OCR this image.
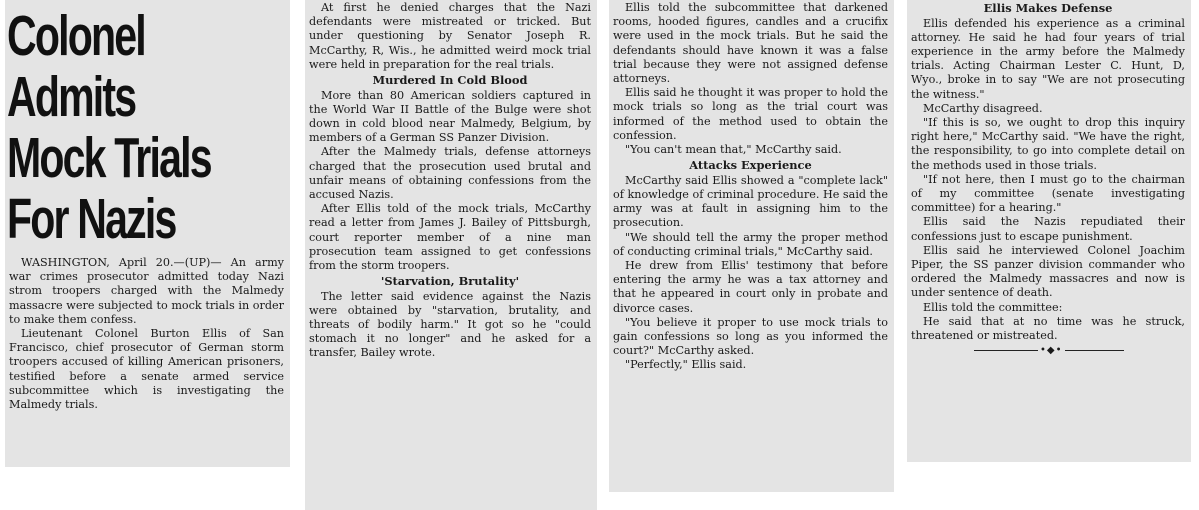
Colonel Admits
Mock Trials
For Nazis

WASHINGTON, April 20.—(UP)— An army war crimes prosecutor admitted today Nazi strom troopers charged with the Malmedy massacre were subjected to mock trials in order to make them confess.

Lieutenant Colonel Burton Ellis of San Francisco, chief prosecutor of German storm troopers accused of killing American prisoners, testified before a senate armed service subcommittee which is investigating the Malmedy trials.

At first he denied charges that the Nazi defendants were mistreated or tricked. But under questioning by Senator Joseph R. McCarthy, R, Wis., he admitted weird mock trial were held in preparation for the real trials.

Murdered In Cold Blood

More than 80 American soldiers captured in the World War II Battle of the Bulge were shot down in cold blood near Malmedy, Belgium, by members of a German SS Panzer Division.

After the Malmedy trials, defense attorneys charged that the prosecution used brutal and unfair means of obtaining confessions from the accused Nazis.

After Ellis told of the mock trials, McCarthy read a letter from James J. Bailey of Pittsburgh, court reporter member of a nine man prosecution team assigned to get confessions from the storm troopers.

'Starvation, Brutality'

The letter said evidence against the Nazis were obtained by "starvation, brutality, and threats of bodily harm." It got so he "could stomach it no longer" and he asked for a transfer, Bailey wrote.

Ellis told the subcommittee that darkened rooms, hooded figures, candles and a crucifix were used in the mock trials. But he said the defendants should have known it was a false trial because they were not assigned defense attorneys.

Ellis said he thought it was proper to hold the mock trials so long as the trial court was informed of the method used to obtain the confession.

"You can't mean that," McCarthy said.

Attacks Experience

McCarthy said Ellis showed a "complete lack" of knowledge of criminal procedure. He said the army was at fault in assigning him to the prosecution.

"We should tell the army the proper method of conducting criminal trials," McCarthy said.

He drew from Ellis' testimony that before entering the army he was a tax attorney and that he appeared in court only in probate and divorce cases.

"You believe it proper to use mock trials to gain confessions so long as you informed the court?" McCarthy asked.

"Perfectly," Ellis said.

Ellis Makes Defense

Ellis defended his experience as a criminal attorney. He said he had four years of trial experience in the army before the Malmedy trials. Acting Chairman Lester C. Hunt, D, Wyo., broke in to say "We are not prosecuting the witness."

McCarthy disagreed.

"If this is so, we ought to drop this inquiry right here," McCarthy said. "We have the right, the responsibility, to go into complete detail on the methods used in those trials.

"If not here, then I must go to the chairman of my committee (senate investigating committee) for a hearing."

Ellis said the Nazis repudiated their confessions just to escape punishment.

Ellis said he interviewed Colonel Joachim Piper, the SS panzer division commander who ordered the Malmedy massacres and now is under sentence of death.

Ellis told the committee:

He said that at no time was he struck, threatened or mistreated.

•◆•
